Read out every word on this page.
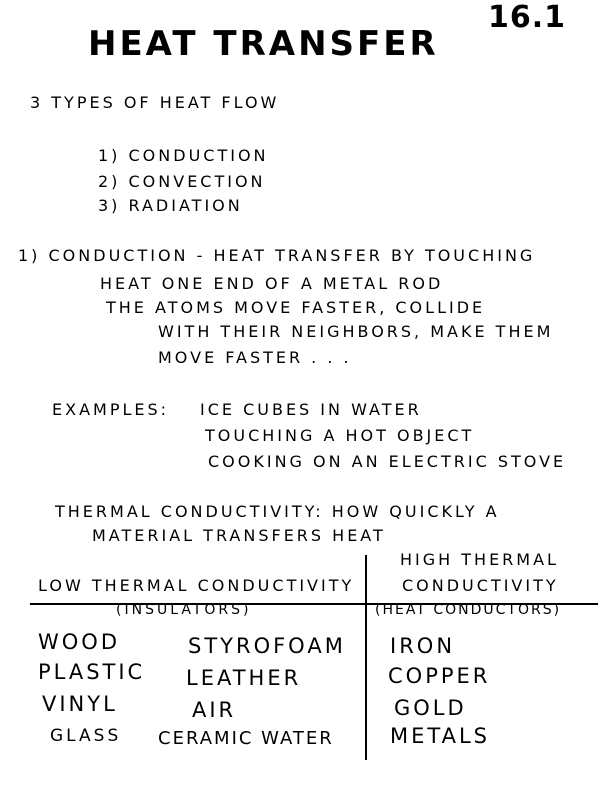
16.1
HEAT TRANSFER
3 TYPES OF HEAT FLOW
1) CONDUCTION
2) CONVECTION
3) RADIATION
1) CONDUCTION - HEAT TRANSFER BY TOUCHING
HEAT ONE END OF A METAL ROD
THE ATOMS MOVE FASTER, COLLIDE
WITH THEIR NEIGHBORS, MAKE THEM
MOVE FASTER . . .
EXAMPLES: ICE CUBES IN WATER
TOUCHING A HOT OBJECT
COOKING ON AN ELECTRIC STOVE
THERMAL CONDUCTIVITY: HOW QUICKLY A
MATERIAL TRANSFERS HEAT
HIGH THERMAL
LOW THERMAL CONDUCTIVITY	CONDUCTIVITY
(INSULATORS)	(HEAT CONDUCTORS)
WOOD
PLASTIC
VINYL
GLASS
STYROFOAM
LEATHER
AIR
CERAMIC WATER
IRON
COPPER
GOLD
METALS
